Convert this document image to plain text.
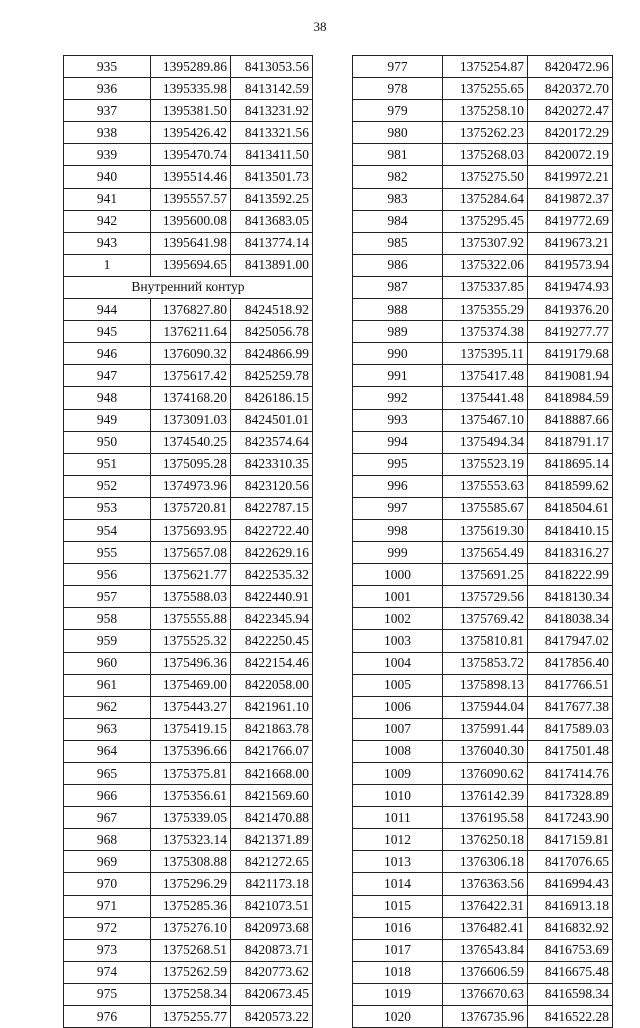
38
935	1395289.86	8413053.56
936	1395335.98	8413142.59
937	1395381.50	8413231.92
938	1395426.42	8413321.56
939	1395470.74	8413411.50
940	1395514.46	8413501.73
941	1395557.57	8413592.25
942	1395600.08	8413683.05
943	1395641.98	8413774.14
1	1395694.65	8413891.00
Внутренний контур		
944	1376827.80	8424518.92
945	1376211.64	8425056.78
946	1376090.32	8424866.99
947	1375617.42	8425259.78
948	1374168.20	8426186.15
949	1373091.03	8424501.01
950	1374540.25	8423574.64
951	1375095.28	8423310.35
952	1374973.96	8423120.56
953	1375720.81	8422787.15
954	1375693.95	8422722.40
955	1375657.08	8422629.16
956	1375621.77	8422535.32
957	1375588.03	8422440.91
958	1375555.88	8422345.94
959	1375525.32	8422250.45
960	1375496.36	8422154.46
961	1375469.00	8422058.00
962	1375443.27	8421961.10
963	1375419.15	8421863.78
964	1375396.66	8421766.07
965	1375375.81	8421668.00
966	1375356.61	8421569.60
967	1375339.05	8421470.88
968	1375323.14	8421371.89
969	1375308.88	8421272.65
970	1375296.29	8421173.18
971	1375285.36	8421073.51
972	1375276.10	8420973.68
973	1375268.51	8420873.71
974	1375262.59	8420773.62
975	1375258.34	8420673.45
976	1375255.77	8420573.22
977	1375254.87	8420472.96
978	1375255.65	8420372.70
979	1375258.10	8420272.47
980	1375262.23	8420172.29
981	1375268.03	8420072.19
982	1375275.50	8419972.21
983	1375284.64	8419872.37
984	1375295.45	8419772.69
985	1375307.92	8419673.21
986	1375322.06	8419573.94
987	1375337.85	8419474.93
988	1375355.29	8419376.20
989	1375374.38	8419277.77
990	1375395.11	8419179.68
991	1375417.48	8419081.94
992	1375441.48	8418984.59
993	1375467.10	8418887.66
994	1375494.34	8418791.17
995	1375523.19	8418695.14
996	1375553.63	8418599.62
997	1375585.67	8418504.61
998	1375619.30	8418410.15
999	1375654.49	8418316.27
1000	1375691.25	8418222.99
1001	1375729.56	8418130.34
1002	1375769.42	8418038.34
1003	1375810.81	8417947.02
1004	1375853.72	8417856.40
1005	1375898.13	8417766.51
1006	1375944.04	8417677.38
1007	1375991.44	8417589.03
1008	1376040.30	8417501.48
1009	1376090.62	8417414.76
1010	1376142.39	8417328.89
1011	1376195.58	8417243.90
1012	1376250.18	8417159.81
1013	1376306.18	8417076.65
1014	1376363.56	8416994.43
1015	1376422.31	8416913.18
1016	1376482.41	8416832.92
1017	1376543.84	8416753.69
1018	1376606.59	8416675.48
1019	1376670.63	8416598.34
1020	1376735.96	8416522.28
